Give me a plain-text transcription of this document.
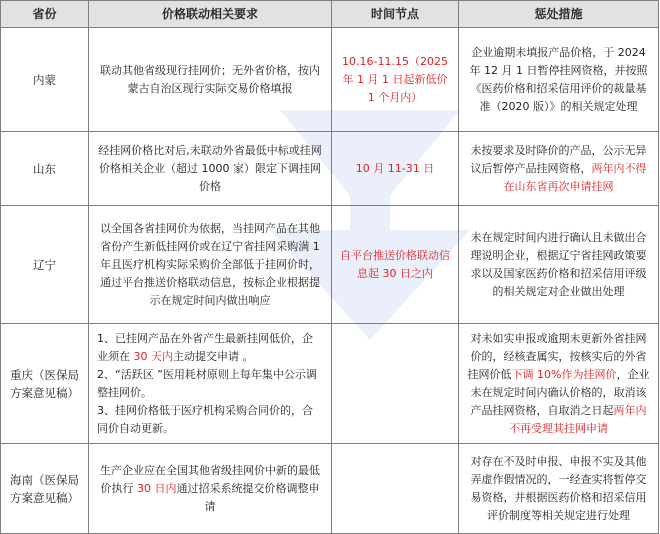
省份	价格联动相关要求	时间节点	惩处措施
内蒙	联动其他省级现行挂网价；无外省价格，按内蒙古自治区现行实际交易价格填报	10.16-11.15（2025 年 1 月 1 日起新低价 1 个月内）	企业逾期未填报产品价格，于 2024 年 12 月 1 日暂停挂网资格，并按照《医药价格和招采信用评价的裁量基准（2020 版）》的相关规定处理
山东	经挂网价格比对后,未联动外省最低中标或挂网价格相关企业（超过 1000 家）限定下调挂网价格	10 月 11-31 日	未按要求及时降价的产品，公示无异议后暂停产品挂网资格，两年内不得在山东省再次申请挂网
辽宁	以全国各省挂网价为依据，当挂网产品在其他省份产生新低挂网价或在辽宁省挂网采购满 1 年且医疗机构实际采购价全部低于挂网价时，通过平台推送价格联动信息，按标企业根据提示在规定时间内做出响应	自平台推送价格联动信息起 30 日之内	未在规定时间内进行确认且未做出合理说明企业，根据辽宁省挂网政策要求以及国家医药价格和招采信用评级的相关规定对企业做出处理
重庆（医保局方案意见稿）	1、已挂网产品在外省产生最新挂网低价，企业须在 30 天内主动提交申请 。
2、“活跃区 ”医用耗材原则上每年集中公示调整挂网价。
3、挂网价格低于医疗机构采购合同价的，合同价自动更新。		对未如实申报或逾期未更新外省挂网价的，经核查属实，按核实后的外省挂网价低下调 10%作为挂网价，企业未在规定时间内确认价格的，取消该产品挂网资格，自取消之日起两年内不再受理其挂网申请
海南（医保局方案意见稿）	生产企业应在全国其他省级挂网价中新的最低价执行 30 日内通过招采系统提交价格调整申请		对存在不及时申报、申报不实及其他弄虚作假情况的，一经查实将暂停交易资格，并根据医药价格和招采信用评价制度等相关规定进行处理
